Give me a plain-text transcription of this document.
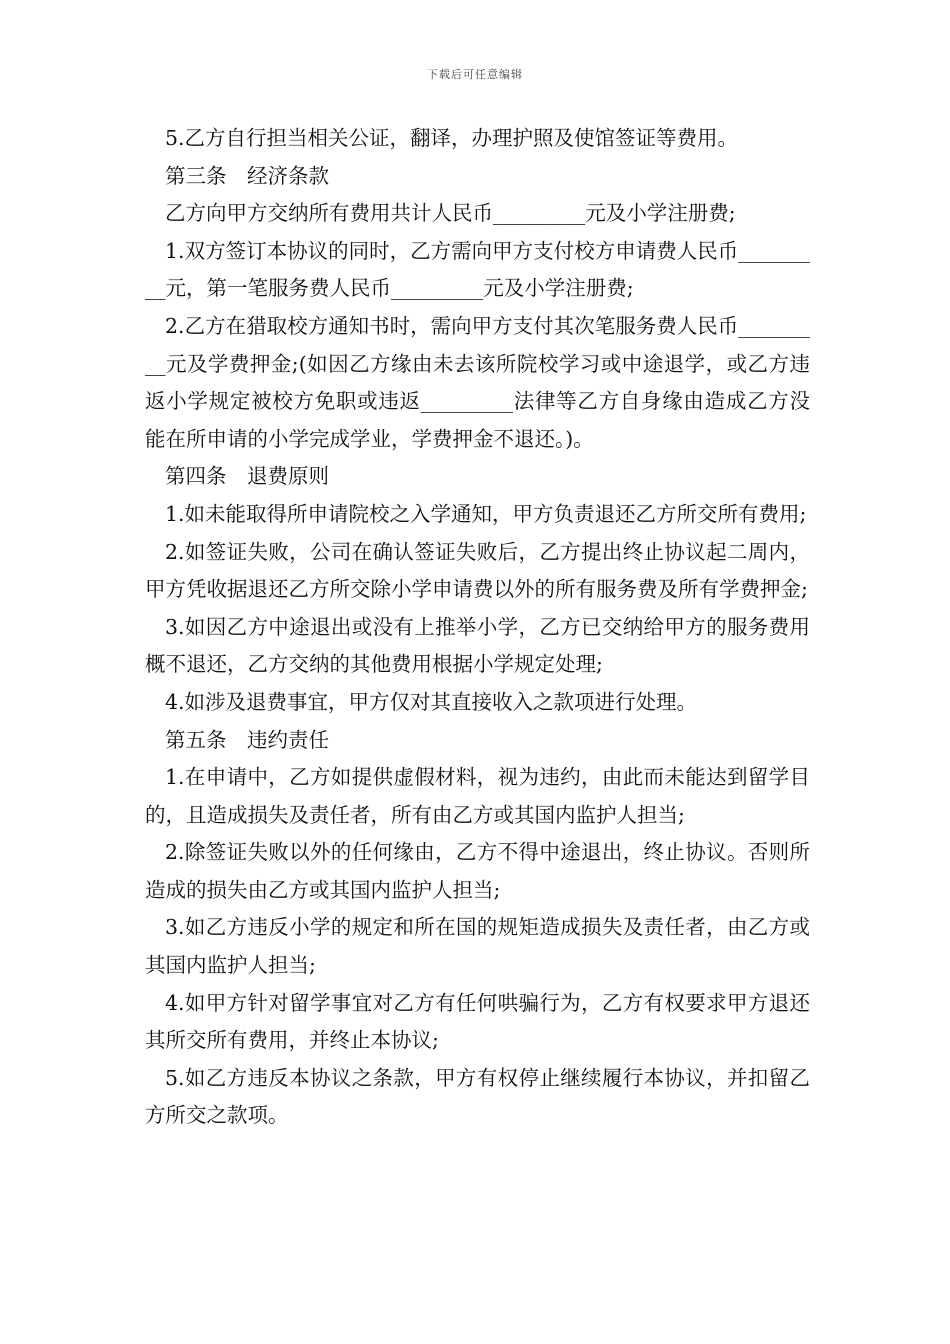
下载后可任意编辑

5.乙方自行担当相关公证，翻译，办理护照及使馆签证等费用。

第三条　经济条款

乙方向甲方交纳所有费用共计人民币_________元及小学注册费;

1.双方签订本协议的同时，乙方需向甲方支付校方申请费人民币_________元，第一笔服务费人民币_________元及小学注册费;

2.乙方在猎取校方通知书时，需向甲方支付其次笔服务费人民币_________元及学费押金;(如因乙方缘由未去该所院校学习或中途退学，或乙方违返小学规定被校方免职或违返_________法律等乙方自身缘由造成乙方没能在所申请的小学完成学业，学费押金不退还。)。

第四条　退费原则

1.如未能取得所申请院校之入学通知，甲方负责退还乙方所交所有费用;

2.如签证失败，公司在确认签证失败后，乙方提出终止协议起二周内，甲方凭收据退还乙方所交除小学申请费以外的所有服务费及所有学费押金;

3.如因乙方中途退出或没有上推举小学，乙方已交纳给甲方的服务费用概不退还，乙方交纳的其他费用根据小学规定处理;

4.如涉及退费事宜，甲方仅对其直接收入之款项进行处理。

第五条　违约责任

1.在申请中，乙方如提供虚假材料，视为违约，由此而未能达到留学目的，且造成损失及责任者，所有由乙方或其国内监护人担当;

2.除签证失败以外的任何缘由，乙方不得中途退出，终止协议。否则所造成的损失由乙方或其国内监护人担当;

3.如乙方违反小学的规定和所在国的规矩造成损失及责任者，由乙方或其国内监护人担当;

4.如甲方针对留学事宜对乙方有任何哄骗行为，乙方有权要求甲方退还其所交所有费用，并终止本协议;

5.如乙方违反本协议之条款，甲方有权停止继续履行本协议，并扣留乙方所交之款项。
